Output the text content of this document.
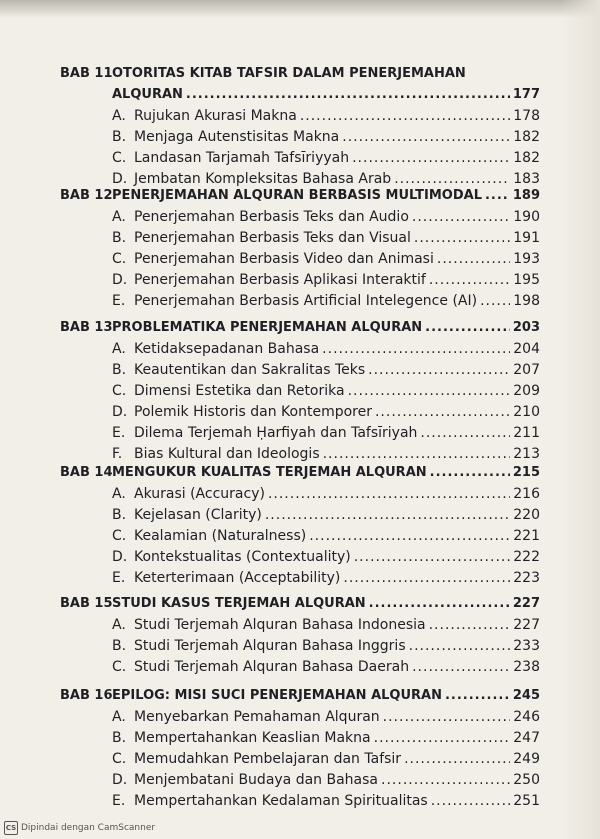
BAB 11 OTORITAS KITAB TAFSIR DALAM PENERJEMAHAN
ALQURAN .....	177
A. Rujukan Akurasi Makna .....	178
B. Menjaga Autenstisitas Makna .....	182
C. Landasan Tarjamah Tafsīriyyah .....	182
D. Jembatan Kompleksitas Bahasa Arab .....	183
BAB 12 PENERJEMAHAN ALQURAN BERBASIS MULTIMODAL ..... 189
A. Penerjemahan Berbasis Teks dan Audio .....	190
B. Penerjemahan Berbasis Teks dan Visual .....	191
C. Penerjemahan Berbasis Video dan Animasi .....	193
D. Penerjemahan Berbasis Aplikasi Interaktif .....	195
E. Penerjemahan Berbasis Artificial Intelegence (AI) .....	198
BAB 13 PROBLEMATIKA PENERJEMAHAN ALQURAN .....	203
A. Ketidaksepadanan Bahasa .....	204
B. Keautentikan dan Sakralitas Teks .....	207
C. Dimensi Estetika dan Retorika .....	209
D. Polemik Historis dan Kontemporer .....	210
E. Dilema Terjemah Ḥarfiyah dan Tafsīriyah .....	211
F. Bias Kultural dan Ideologis .....	213
BAB 14 MENGUKUR KUALITAS TERJEMAH ALQURAN .....	215
A. Akurasi (Accuracy) .....	216
B. Kejelasan (Clarity) .....	220
C. Kealamian (Naturalness) .....	221
D. Kontekstualitas (Contextuality) .....	222
E. Keterterimaan (Acceptability) .....	223
BAB 15 STUDI KASUS TERJEMAH ALQURAN .....	227
A. Studi Terjemah Alquran Bahasa Indonesia .....	227
B. Studi Terjemah Alquran Bahasa Inggris .....	233
C. Studi Terjemah Alquran Bahasa Daerah .....	238
BAB 16 EPILOG: MISI SUCI PENERJEMAHAN ALQURAN .....	245
A. Menyebarkan Pemahaman Alquran .....	246
B. Mempertahankan Keaslian Makna .....	247
C. Memudahkan Pembelajaran dan Tafsir .....	249
D. Menjembatani Budaya dan Bahasa .....	250
E. Mempertahankan Kedalaman Spiritualitas .....	251
CS Dipindai dengan CamScanner
